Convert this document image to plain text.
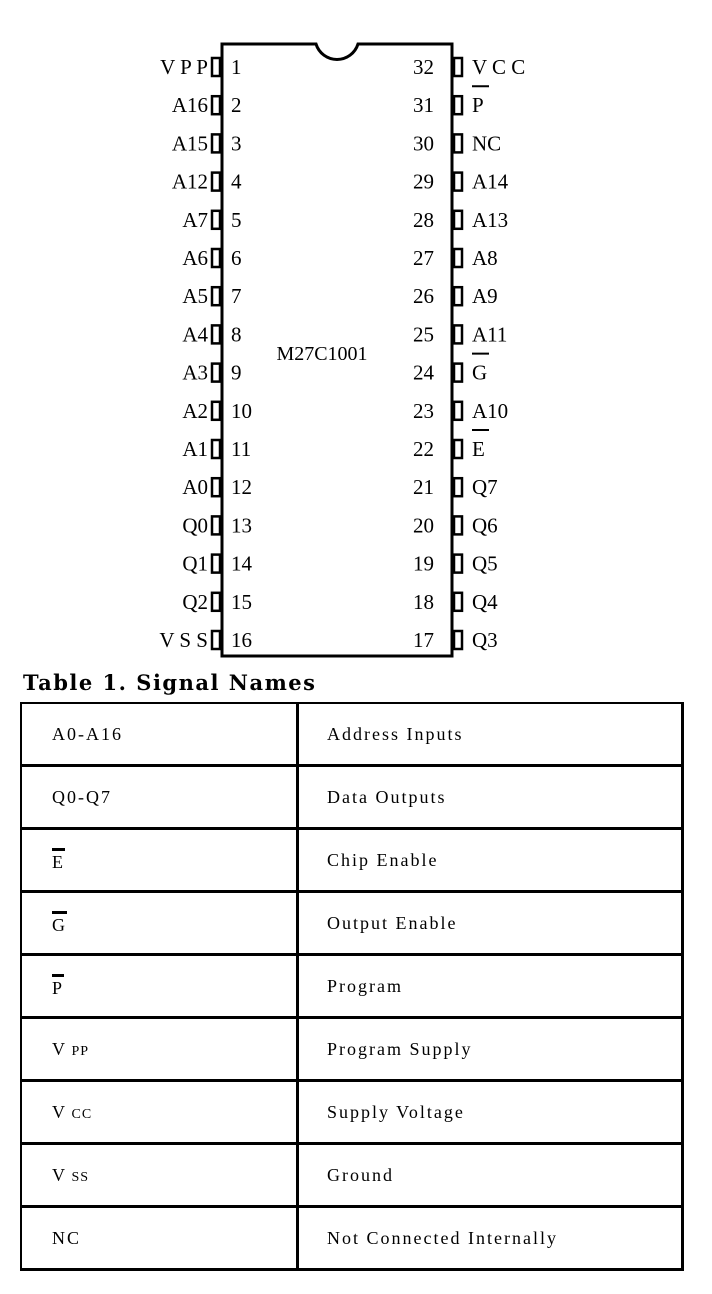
M27C1001
1
V P P
2
A16
3
A15
4
A12
5
A7
6
A6
7
A5
8
A4
9
A3
10
A2
11
A1
12
A0
13
Q0
14
Q1
15
Q2
16
V S S
32 V C C
31 P
30 NC
29 A14
28 A13
27 A8
26 A9
25 A11
24 G
23 A10
22 E
21 Q7
20 Q6
19 Q5
18 Q4
17 Q3
Table 1. Signal Names
A0-A16	Address Inputs
Q0-Q7	Data Outputs
E	Chip Enable
G	Output Enable
P	Program
V PP	Program Supply
V CC	Supply Voltage
V SS	Ground
NC	Not Connected Internally
